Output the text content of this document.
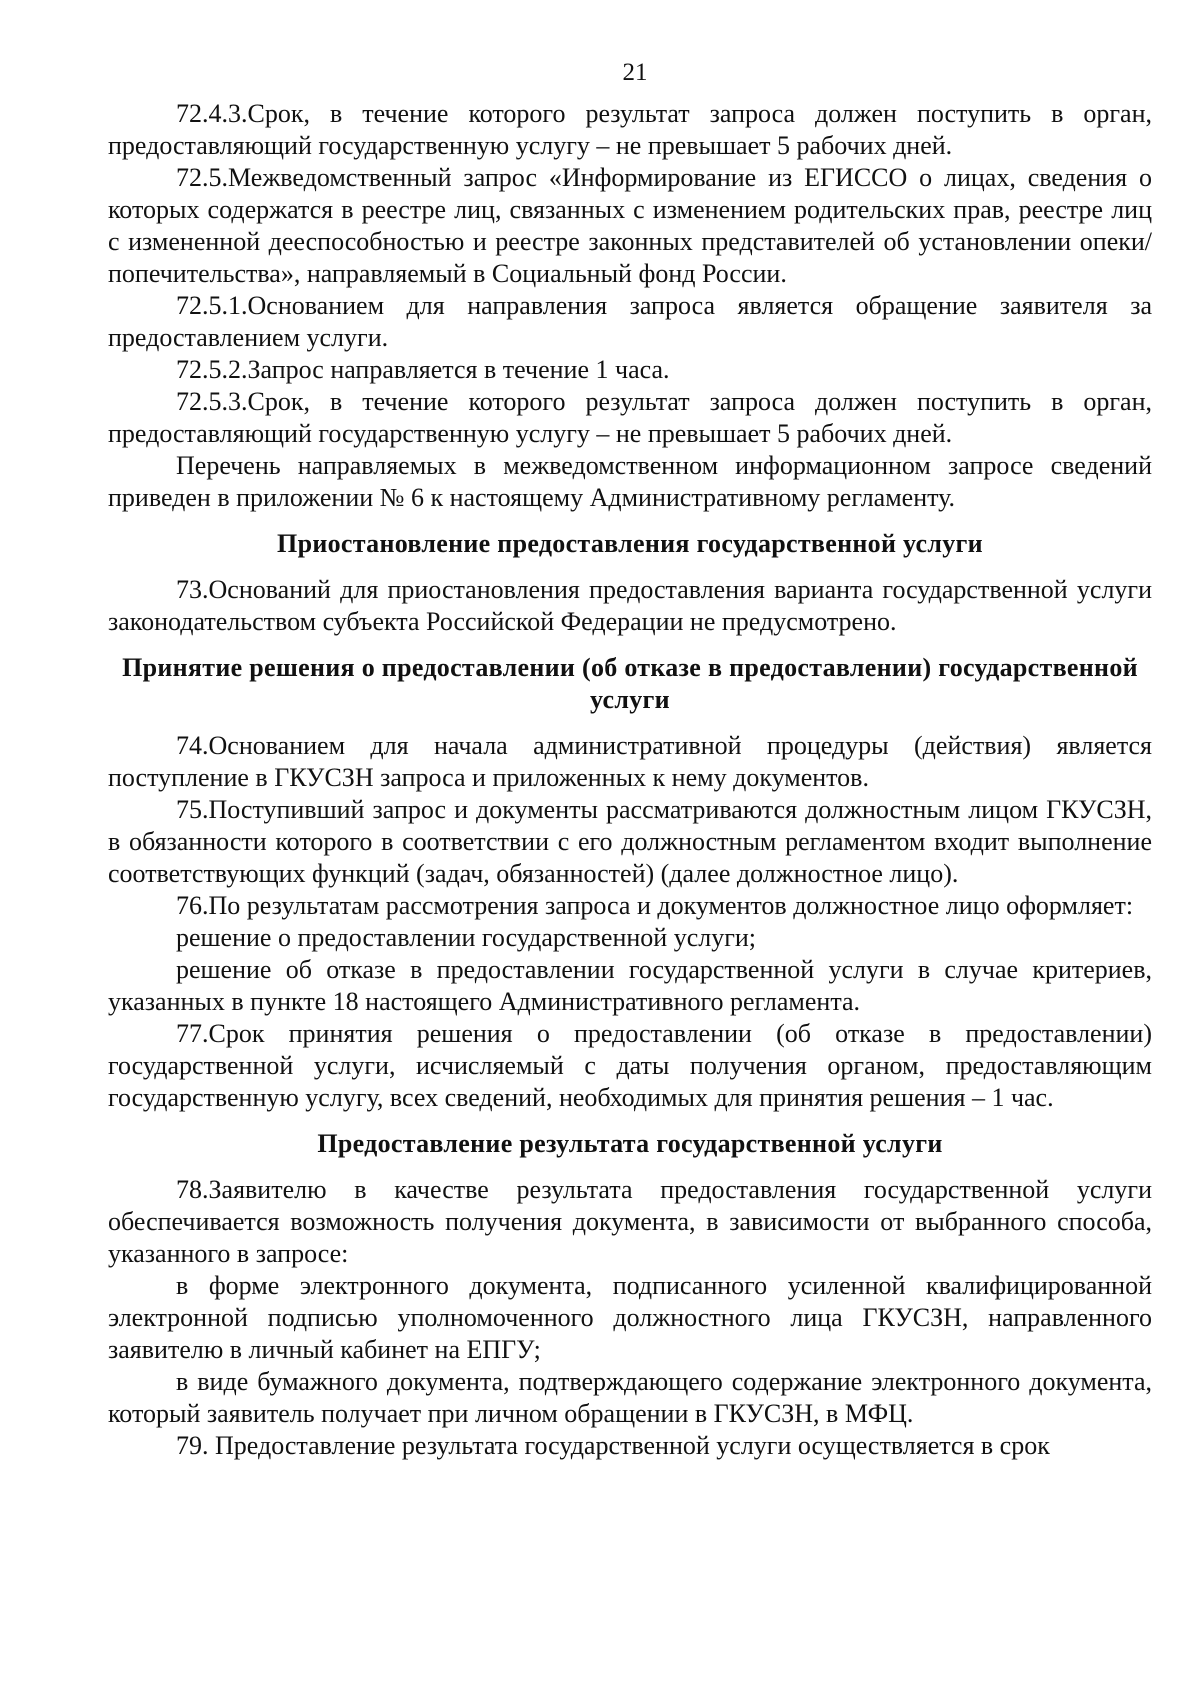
21

72.4.3.Срок, в течение которого результат запроса должен поступить в орган, предоставляющий государственную услугу – не превышает 5 рабочих дней.

72.5.Межведомственный запрос «Информирование из ЕГИССО о лицах, сведения о которых содержатся в реестре лиц, связанных с изменением родительских прав, реестре лиц с измененной дееспособностью и реестре законных представителей об установлении опеки/ попечительства», направляемый в Социальный фонд России.

72.5.1.Основанием для направления запроса является обращение заявителя за предоставлением услуги.

72.5.2.Запрос направляется в течение 1 часа.

72.5.3.Срок, в течение которого результат запроса должен поступить в орган, предоставляющий государственную услугу – не превышает 5 рабочих дней.

Перечень направляемых в межведомственном информационном запросе сведений приведен в приложении № 6 к настоящему Административному регламенту.

Приостановление предоставления государственной услуги

73.Оснований для приостановления предоставления варианта государственной услуги законодательством субъекта Российской Федерации не предусмотрено.

Принятие решения о предоставлении (об отказе в предоставлении) государственной услуги

74.Основанием для начала административной процедуры (действия) является поступление в ГКУСЗН запроса и приложенных к нему документов.

75.Поступивший запрос и документы рассматриваются должностным лицом ГКУСЗН, в обязанности которого в соответствии с его должностным регламентом входит выполнение соответствующих функций (задач, обязанностей) (далее должностное лицо).

76.По результатам рассмотрения запроса и документов должностное лицо оформляет:

решение о предоставлении государственной услуги;

решение об отказе в предоставлении государственной услуги в случае критериев, указанных в пункте 18 настоящего Административного регламента.

77.Срок принятия решения о предоставлении (об отказе в предоставлении) государственной услуги, исчисляемый с даты получения органом, предоставляющим государственную услугу, всех сведений, необходимых для принятия решения – 1 час.

Предоставление результата государственной услуги

78.Заявителю в качестве результата предоставления государственной услуги обеспечивается возможность получения документа, в зависимости от выбранного способа, указанного в запросе:

в форме электронного документа, подписанного усиленной квалифицированной электронной подписью уполномоченного должностного лица ГКУСЗН, направленного заявителю в личный кабинет на ЕПГУ;

в виде бумажного документа, подтверждающего содержание электронного документа, который заявитель получает при личном обращении в ГКУСЗН, в МФЦ.

79. Предоставление результата государственной услуги осуществляется в срок
